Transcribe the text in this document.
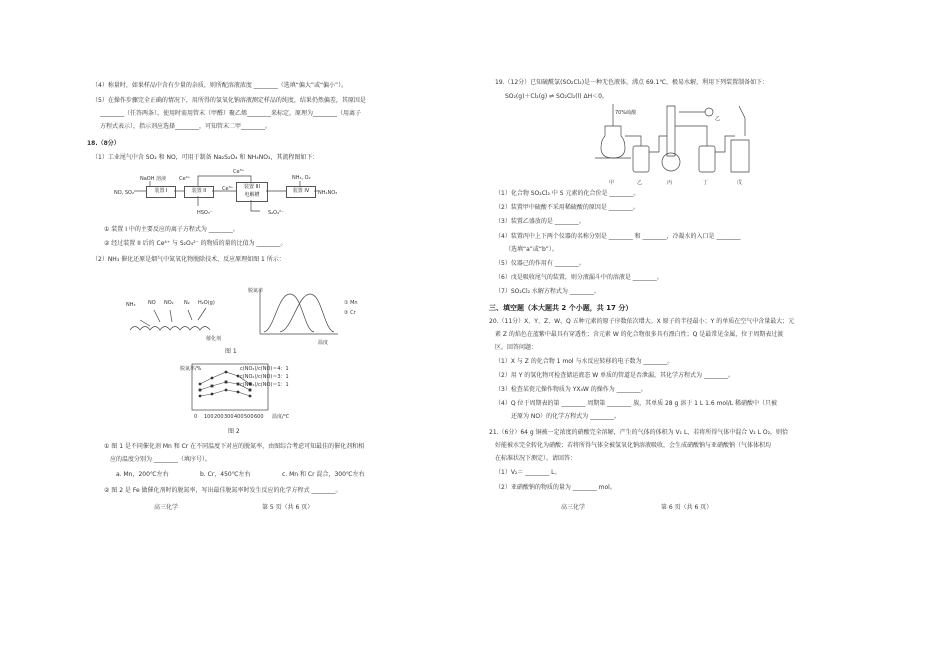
（4）称量时，如果样品中含有少量的杂质，则所配溶液浓度 ________（选填“偏大”或“偏小”）。
（5）在操作步骤完全正确的情况下，用所得的氢氧化钠溶液测定样品的纯度，结果仍然偏差，其原因是
________（任答两条）。使用时需用管末（甲醛）聚乙烯________来标定，原理为________（用离子
方程式表示），指示剂应选择________，可知管末二甲________。
18.（8分）
（1）工业尾气中含 SO₂ 和 NO，可用于制备 Na₂S₂O₄ 和 NH₄NO₃，其流程图如下：
NaOH 溶液	Ce⁴⁺
Ce³⁺
NO, SO₂	装置 I	装置 II	Ce³⁺	装置 III
电解槽
装置 IV
NH₃, O₂
NH₄NO₃
S₂O₄²⁻
HSO₃⁻
① 装置 I 中的主要反应的离子方程式为 ________。
② 经过装置 II 后的 Ce⁴⁺ 与 S₂O₄²⁻ 的物质的量的比值为 ________。
（2）NH₃ 催化还原是烟气中氮氧化物脱除技术，反应原理如图 1 所示：
NH₃ NO NO₂ N₂ H₂O(g)
催化剂
脱氮率
温度
① Mn
② Cr
图 1
脱氮率/%
0 100 200 300 400 500 600 温度/℃
c(NO₂)/c(NO)＝4：1
c(NO₂)/c(NO)＝3：1
c(NO₂)/c(NO)＝1：1
图 2
① 图 1 是不同催化剂 Mn 和 Cr 在不同温度下对应的脱氮率，由图综合考虑可知最佳的催化剂和相
应的温度分别为 ________（填序号）。
a. Mn，200℃左右	b. Cr，450℃左右	c. Mn 和 Cr 混合，300℃左右
② 图 2 是 Fe 做催化剂时的脱氮率，写出最佳脱氮率时发生反应的化学方程式 ________。
高三化学	第 5 页（共 6 页）
19.（12分）已知硫酰氯(SO₂Cl₂)是一种无色液体，沸点 69.1℃，极易水解，利用下列装置制备如下：
SO₂(g)＋Cl₂(g) ⇌ SO₂Cl₂(l) ΔH＜0。
70%硫酸
甲	乙	丙	丁	戊
乙
（1）化合物 SO₂Cl₂ 中 S 元素的化合价是 ________。
（2）装置甲中硫酸不采用稀硫酸的原因是 ________。
（3）装置乙盛放的是 ________。
（4）装置丙中上下两个仪器的名称分别是 ________ 和 ________，冷凝水的入口是 ________
（选填“a”或“b”）。
（5）仪器己的作用有 ________。
（6）戊是吸收尾气的装置，则分液漏斗中的溶液是 ________。
（7）SO₂Cl₂ 水解方程式为 ________。
三、填空题（本大题共 2 个小题，共 17 分）
20.（11分）X、Y、Z、W、Q 五种元素的原子序数依次增大。X 原子的半径最小；Y 的单质在空气中含量最大；元
素 Z 的焰色在蓝紫中最具有穿透性；含元素 W 的化合物很多具有漂白性；Q 是最常见金属，位于周期表过渡
区。回答问题：
（1）X 与 Z 的化合物 1 mol 与水反应转移的电子数为 ________。
（2）用 Y 的氢化物可检查储运液态 W 单质的管道是否泄漏，其化学方程式为 ________。
（3）检查某瓷元操作物质为 YX₄W 的操作为 ________。
（4）Q 位于周期表的第 ________ 周期第 ________ 族，其单质 28 g 溶于 1 L 1.6 mol/L 稀硝酸中（只被
还原为 NO）的化学方程式为 ________。
21.（6分）64 g 铜被一定浓度的硝酸完全溶解，产生的气体的体积为 V₁ L，若将所得气体中混合 V₂ L O₂，则恰
好能被水完全转化为硝酸；若将所得气体全被氢氧化钠溶液吸收，会生成硝酸钠与亚硝酸钠（气体体积均
在标准状况下测定）。请回答：
（1）V₂＝ ________ L。
（2）亚硝酸钠的物质的量为 ________ mol。
高三化学	第 6 页（共 6 页）
